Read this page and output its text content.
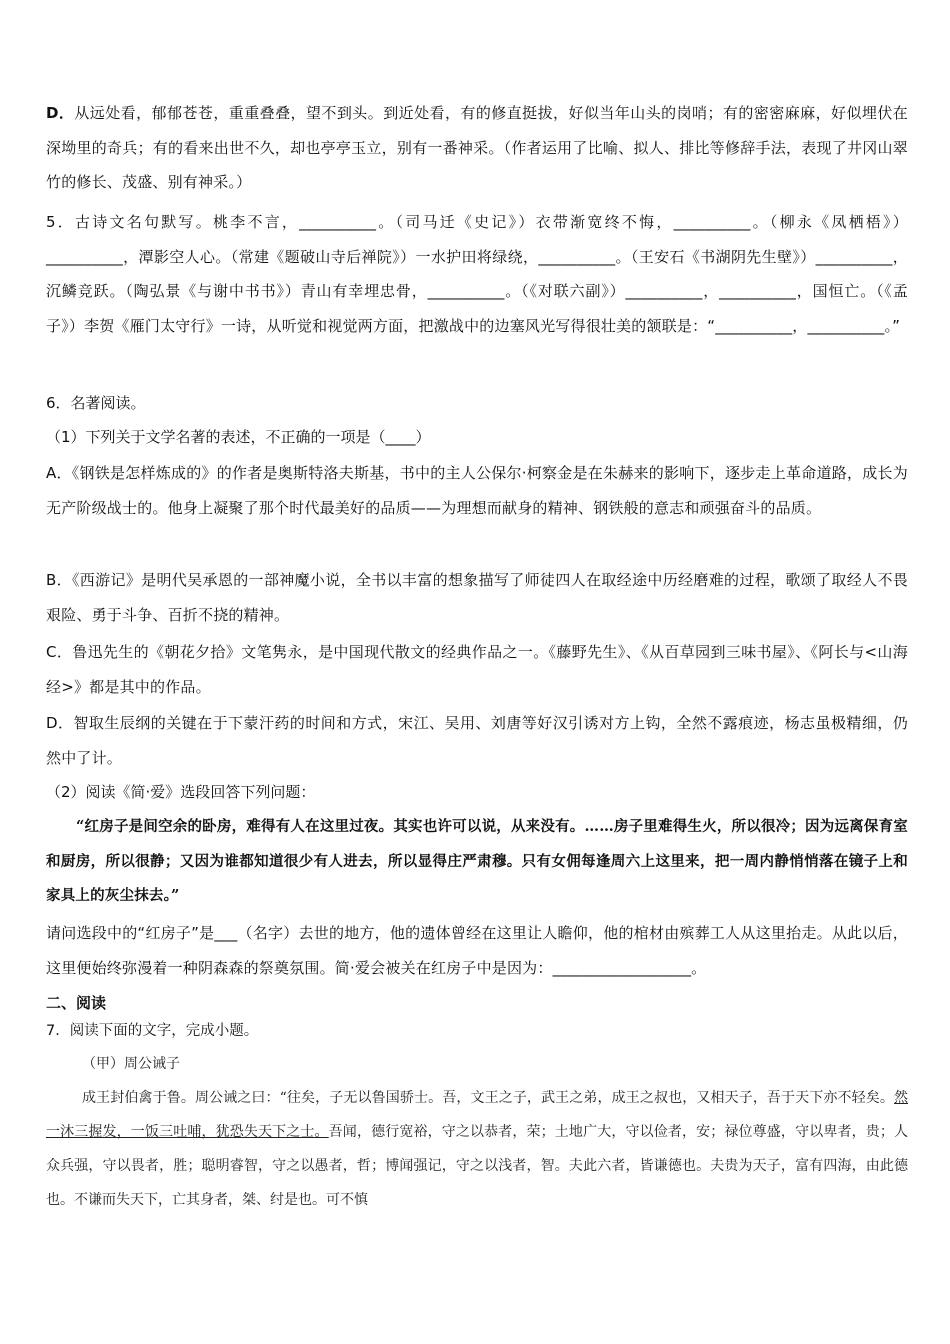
D．从远处看，郁郁苍苍，重重叠叠，望不到头。到近处看，有的修直挺拔，好似当年山头的岗哨；有的密密麻麻，好似埋伏在深坳里的奇兵；有的看来出世不久，却也亭亭玉立，别有一番神采。（作者运用了比喻、拟人、排比等修辞手法，表现了井冈山翠竹的修长、茂盛、别有神采。）
5．古诗文名句默写。桃李不言，__________。（司马迁《史记》）衣带渐宽终不悔，__________。（柳永《凤栖梧》）__________，潭影空人心。（常建《题破山寺后禅院》）一水护田将绿绕，__________。（王安石《书湖阴先生壁》）__________，沉鳞竞跃。（陶弘景《与谢中书书》）青山有幸埋忠骨，__________。（《对联六副》）__________，__________，国恒亡。（《孟子》）李贺《雁门太守行》一诗，从听觉和视觉两方面，把激战中的边塞风光写得很壮美的颔联是：“__________，__________。”
6．名著阅读。
（1）下列关于文学名著的表述，不正确的一项是（____）
A．《钢铁是怎样炼成的》的作者是奥斯特洛夫斯基，书中的主人公保尔·柯察金是在朱赫来的影响下，逐步走上革命道路，成长为无产阶级战士的。他身上凝聚了那个时代最美好的品质——为理想而献身的精神、钢铁般的意志和顽强奋斗的品质。
B．《西游记》是明代吴承恩的一部神魔小说，全书以丰富的想象描写了师徒四人在取经途中历经磨难的过程，歌颂了取经人不畏艰险、勇于斗争、百折不挠的精神。
C．鲁迅先生的《朝花夕拾》文笔隽永，是中国现代散文的经典作品之一。《藤野先生》、《从百草园到三味书屋》、《阿长与<山海经>》都是其中的作品。
D．智取生辰纲的关键在于下蒙汗药的时间和方式，宋江、吴用、刘唐等好汉引诱对方上钩，全然不露痕迹，杨志虽极精细，仍然中了计。
（2）阅读《简·爱》选段回答下列问题：
“红房子是间空余的卧房，难得有人在这里过夜。其实也许可以说，从来没有。……房子里难得生火，所以很冷；因为远离保育室和厨房，所以很静；又因为谁都知道很少有人进去，所以显得庄严肃穆。只有女佣每逢周六上这里来，把一周内静悄悄落在镜子上和家具上的灰尘抹去。”
请问选段中的“红房子”是___（名字）去世的地方，他的遗体曾经在这里让人瞻仰，他的棺材由殡葬工人从这里抬走。从此以后，这里便始终弥漫着一种阴森森的祭奠氛围。简·爱会被关在红房子中是因为：__________________。
二、阅读
7．阅读下面的文字，完成小题。
（甲）周公诫子
成王封伯禽于鲁。周公诫之曰：“往矣，子无以鲁国骄士。吾，文王之子，武王之弟，成王之叔也，又相天子，吾于天下亦不轻矣。然一沐三握发，一饭三吐哺，犹恐失天下之士。吾闻，德行宽裕，守之以恭者，荣；土地广大，守以俭者，安；禄位尊盛，守以卑者，贵；人众兵强，守以畏者，胜；聪明睿智，守之以愚者，哲；博闻强记，守之以浅者，智。夫此六者，皆谦德也。夫贵为天子，富有四海，由此德也。不谦而失天下，亡其身者，桀、纣是也。可不慎
